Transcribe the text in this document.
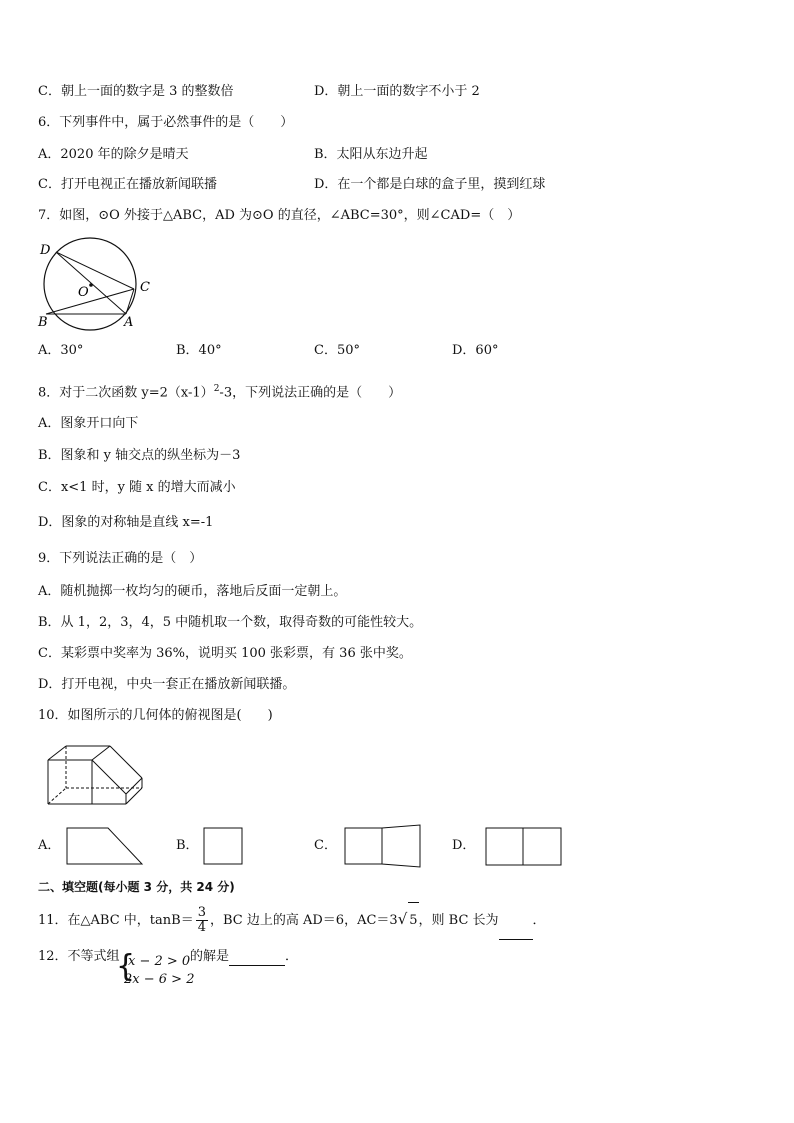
C．朝上一面的数字是 3 的整数倍	D．朝上一面的数字不小于 2
6．下列事件中，属于必然事件的是（　　）
A．2020 年的除夕是晴天	B．太阳从东边升起
C．打开电视正在播放新闻联播	D．在一个都是白球的盒子里，摸到红球
7．如图，⊙O 外接于△ABC，AD 为⊙O 的直径，∠ABC=30°，则∠CAD=（　）
D
O	C
B	A
A．30°	B．40°	C．50°	D．60°
8．对于二次函数 $y=2(x-1)^2-3$，下列说法正确的是（　　）
A．图象开口向下
B．图象和 y 轴交点的纵坐标为－3
C．x<1 时，y 随 x 的增大而减小
D．图象的对称轴是直线 x=-1
9．下列说法正确的是（　）
A．随机抛掷一枚均匀的硬币，落地后反面一定朝上。
B．从 1，2，3，4，5 中随机取一个数，取得奇数的可能性较大。
C．某彩票中奖率为 36%，说明买 100 张彩票，有 36 张中奖。
D．打开电视，中央一套正在播放新闻联播。
10．如图所示的几何体的俯视图是(　　)
A．	B．	C．	D．
二、填空题(每小题 3 分，共 24 分)
11．在△ABC 中，$\tan B= \frac{3}{4}$ ，BC 边上的高 AD＝6，AC＝3√ 5，则 BC 长为	．
12．不等式组
{
x − 2 > 0
2x − 6 > 2
的解是	．
